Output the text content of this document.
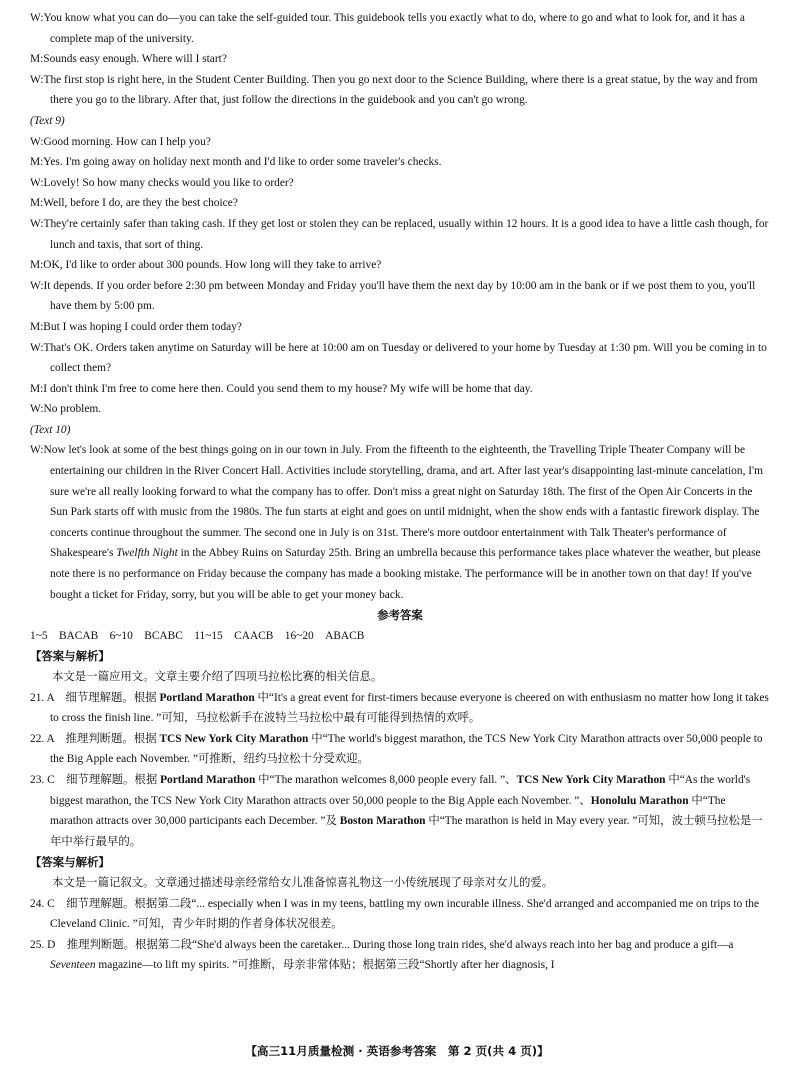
W:You know what you can do—you can take the self-guided tour. This guidebook tells you exactly what to do, where to go and what to look for, and it has a complete map of the university.

M:Sounds easy enough. Where will I start?

W:The first stop is right here, in the Student Center Building. Then you go next door to the Science Building, where there is a great statue, by the way and from there you go to the library. After that, just follow the directions in the guidebook and you can't go wrong.

(Text 9)

W:Good morning. How can I help you?

M:Yes. I'm going away on holiday next month and I'd like to order some traveler's checks.

W:Lovely! So how many checks would you like to order?

M:Well, before I do, are they the best choice?

W:They're certainly safer than taking cash. If they get lost or stolen they can be replaced, usually within 12 hours. It is a good idea to have a little cash though, for lunch and taxis, that sort of thing.

M:OK, I'd like to order about 300 pounds. How long will they take to arrive?

W:It depends. If you order before 2:30 pm between Monday and Friday you'll have them the next day by 10:00 am in the bank or if we post them to you, you'll have them by 5:00 pm.

M:But I was hoping I could order them today?

W:That's OK. Orders taken anytime on Saturday will be here at 10:00 am on Tuesday or delivered to your home by Tuesday at 1:30 pm. Will you be coming in to collect them?

M:I don't think I'm free to come here then. Could you send them to my house? My wife will be home that day.

W:No problem.

(Text 10)

W:Now let's look at some of the best things going on in our town in July. From the fifteenth to the eighteenth, the Travelling Triple Theater Company will be entertaining our children in the River Concert Hall. Activities include storytelling, drama, and art. After last year's disappointing last-minute cancelation, I'm sure we're all really looking forward to what the company has to offer. Don't miss a great night on Saturday 18th. The first of the Open Air Concerts in the Sun Park starts off with music from the 1980s. The fun starts at eight and goes on until midnight, when the show ends with a fantastic firework display. The concerts continue throughout the summer. The second one in July is on 31st. There's more outdoor entertainment with Talk Theater's performance of Shakespeare's Twelfth Night in the Abbey Ruins on Saturday 25th. Bring an umbrella because this performance takes place whatever the weather, but please note there is no performance on Friday because the company has made a booking mistake. The performance will be in another town on that day! If you've bought a ticket for Friday, sorry, but you will be able to get your money back.

参考答案

1~5　BACAB　6~10　BCABC　11~15　CAACB　16~20　ABACB

【答案与解析】

本文是一篇应用文。文章主要介绍了四项马拉松比赛的相关信息。

21. A　细节理解题。根据 Portland Marathon 中“It's a great event for first-timers because everyone is cheered on with enthusiasm no matter how long it takes to cross the finish line. ”可知，马拉松新手在波特兰马拉松中最有可能得到热情的欢呼。

22. A　推理判断题。根据 TCS New York City Marathon 中“The world's biggest marathon, the TCS New York City Marathon attracts over 50,000 people to the Big Apple each November. ”可推断，纽约马拉松十分受欢迎。

23. C　细节理解题。根据 Portland Marathon 中“The marathon welcomes 8,000 people every fall. ”、TCS New York City Marathon 中“As the world's biggest marathon, the TCS New York City Marathon attracts over 50,000 people to the Big Apple each November. ”、Honolulu Marathon 中“The marathon attracts over 30,000 participants each December. ”及 Boston Marathon 中“The marathon is held in May every year. ”可知，波士顿马拉松是一年中举行最早的。

【答案与解析】

本文是一篇记叙文。文章通过描述母亲经常给女儿准备惊喜礼物这一小传统展现了母亲对女儿的爱。

24. C　细节理解题。根据第二段“... especially when I was in my teens, battling my own incurable illness. She'd arranged and accompanied me on trips to the Cleveland Clinic. ”可知，青少年时期的作者身体状况很差。

25. D　推理判断题。根据第二段“She'd always been the caretaker... During those long train rides, she'd always reach into her bag and produce a gift—a Seventeen magazine—to lift my spirits. ”可推断，母亲非常体贴；根据第三段“Shortly after her diagnosis, I

【高三11月质量检测 · 英语参考答案　第 2 页(共 4 页)】
